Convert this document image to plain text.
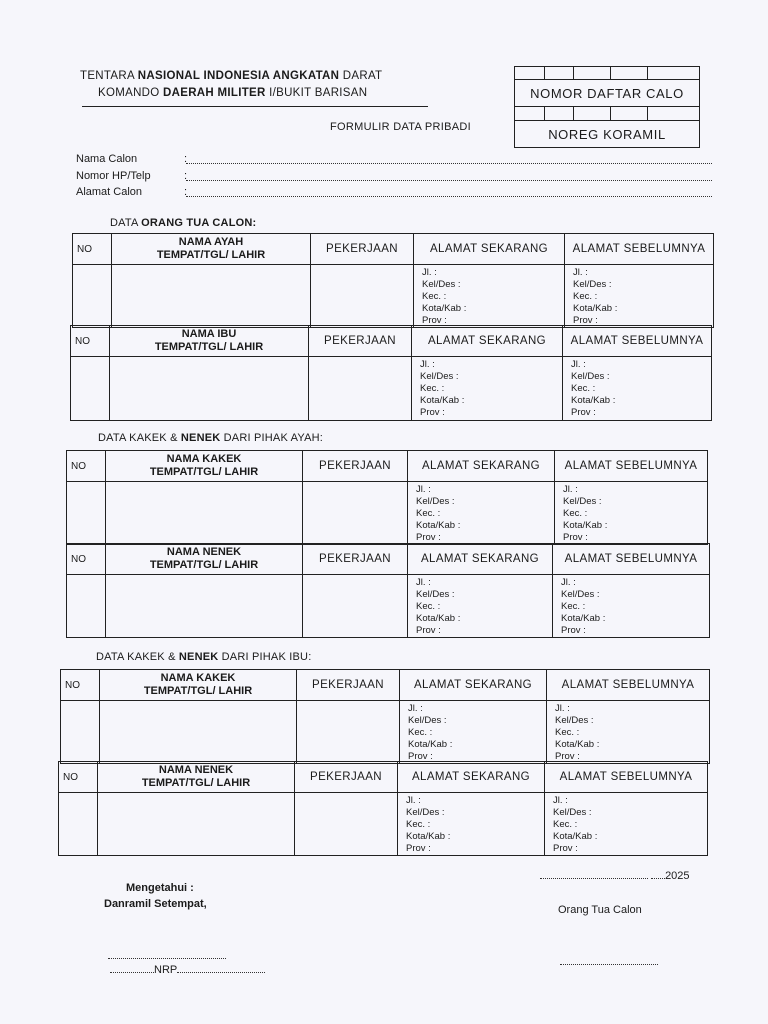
TENTARA NASIONAL INDONESIA ANGKATAN DARAT
KOMANDO DAERAH MILITER I/BUKIT BARISAN
FORMULIR DATA PRIBADI

NOMOR DAFTAR CALO				

NOREG KORAMIL				
Nama Calon	:
Nomor HP/Telp	:
Alamat Calon	:
DATA ORANG TUA CALON:
NO	NAMA AYAH
TEMPAT/TGL/ LAHIR	PEKERJAAN	ALAMAT SEKARANG	ALAMAT SEBELUMNYA

			Jl. :
Kel/Des :
Kec. :
Kota/Kab :
Prov :	Jl. :
Kel/Des :
Kec. :
Kota/Kab :
Prov :
NO	NAMA IBU
TEMPAT/TGL/ LAHIR	PEKERJAAN	ALAMAT SEKARANG	ALAMAT SEBELUMNYA

			Jl. :
Kel/Des :
Kec. :
Kota/Kab :
Prov :	Jl. :
Kel/Des :
Kec. :
Kota/Kab :
Prov :
DATA KAKEK & NENEK DARI PIHAK AYAH:
NO	NAMA KAKEK
TEMPAT/TGL/ LAHIR	PEKERJAAN	ALAMAT SEKARANG	ALAMAT SEBELUMNYA

			Jl. :
Kel/Des :
Kec. :
Kota/Kab :
Prov :	Jl. :
Kel/Des :
Kec. :
Kota/Kab :
Prov :
NO	NAMA NENEK
TEMPAT/TGL/ LAHIR	PEKERJAAN	ALAMAT SEKARANG	ALAMAT SEBELUMNYA

			Jl. :
Kel/Des :
Kec. :
Kota/Kab :
Prov :	Jl. :
Kel/Des :
Kec. :
Kota/Kab :
Prov :
DATA KAKEK & NENEK DARI PIHAK IBU:
NO	NAMA KAKEK
TEMPAT/TGL/ LAHIR	PEKERJAAN	ALAMAT SEKARANG	ALAMAT SEBELUMNYA

			Jl. :
Kel/Des :
Kec. :
Kota/Kab :
Prov :	Jl. :
Kel/Des :
Kec. :
Kota/Kab :
Prov :
NO	NAMA NENEK
TEMPAT/TGL/ LAHIR	PEKERJAAN	ALAMAT SEKARANG	ALAMAT SEBELUMNYA

			Jl. :
Kel/Des :
Kec. :
Kota/Kab :
Prov :	Jl. :
Kel/Des :
Kec. :
Kota/Kab :
Prov :
Mengetahui :
Danramil Setempat,
NRP
2025
Orang Tua Calon
